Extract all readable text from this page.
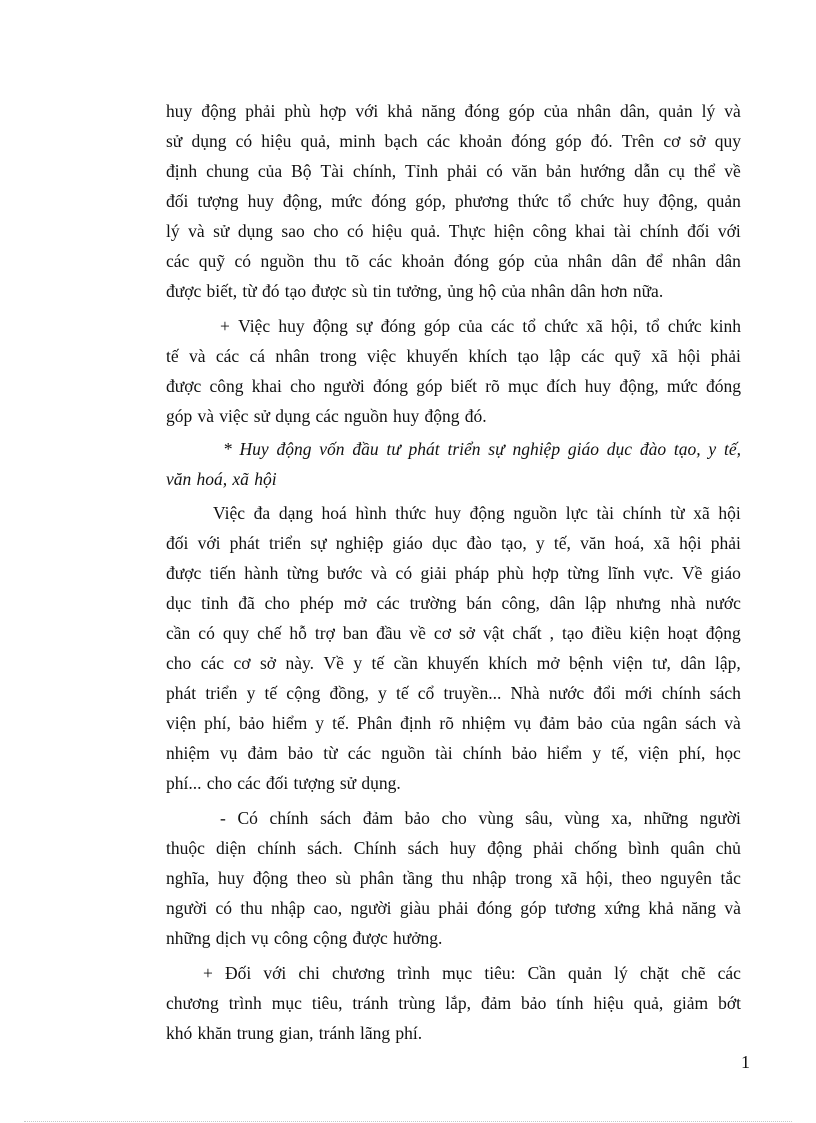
huy động phải phù hợp với khả năng đóng góp của nhân dân, quản lý và
sử dụng có hiệu quả, minh bạch các khoản đóng góp đó. Trên cơ sở quy
định chung của Bộ Tài chính, Tỉnh phải có văn bản hướng dẫn cụ thể về
đối tượng huy động, mức đóng góp, phương thức tổ chức huy động, quản
lý và sử dụng sao cho có hiệu quả. Thực hiện công khai tài chính đối với
các quỹ có nguồn thu tõ các khoản đóng góp của nhân dân để nhân dân
được biết, từ đó tạo được sù tin tưởng, ủng hộ của nhân dân hơn nữa.
+ Việc huy động sự đóng góp của các tổ chức xã hội, tổ chức kinh
tế và các cá nhân trong việc khuyến khích tạo lập các quỹ xã hội phải
được công khai cho người đóng góp biết rõ mục đích huy động, mức đóng
góp và việc sử dụng các nguồn huy động đó.
* Huy động vốn đầu tư phát triển sự nghiệp giáo dục đào tạo, y tế,
văn hoá, xã hội
Việc đa dạng hoá hình thức huy động nguồn lực tài chính từ xã hội
đối với phát triển sự nghiệp giáo dục đào tạo, y tế, văn hoá, xã hội phải
được tiến hành từng bước và có giải pháp phù hợp từng lĩnh vực. Về giáo
dục tỉnh đã cho phép mở các trường bán công, dân lập nhưng nhà nước
cần có quy chế hỗ trợ ban đầu về cơ sở vật chất , tạo điều kiện hoạt động
cho các cơ sở này. Về y tế cần khuyến khích mở bệnh viện tư, dân lập,
phát triển y tế cộng đồng, y tế cổ truyền... Nhà nước đổi mới chính sách
viện phí, bảo hiểm y tế. Phân định rõ nhiệm vụ đảm bảo của ngân sách và
nhiệm vụ đảm bảo từ các nguồn tài chính bảo hiểm y tế, viện phí, học
phí... cho các đối tượng sử dụng.
- Có chính sách đảm bảo cho vùng sâu, vùng xa, những người
thuộc diện chính sách. Chính sách huy động phải chống bình quân chủ
nghĩa, huy động theo sù phân tầng thu nhập trong xã hội, theo nguyên tắc
người có thu nhập cao, người giàu phải đóng góp tương xứng khả năng và
những dịch vụ công cộng được hưởng.
+ Đối với chi chương trình mục tiêu: Cần quản lý chặt chẽ các
chương trình mục tiêu, tránh trùng lắp, đảm bảo tính hiệu quả, giảm bớt
khó khăn trung gian, tránh lãng phí.
1
